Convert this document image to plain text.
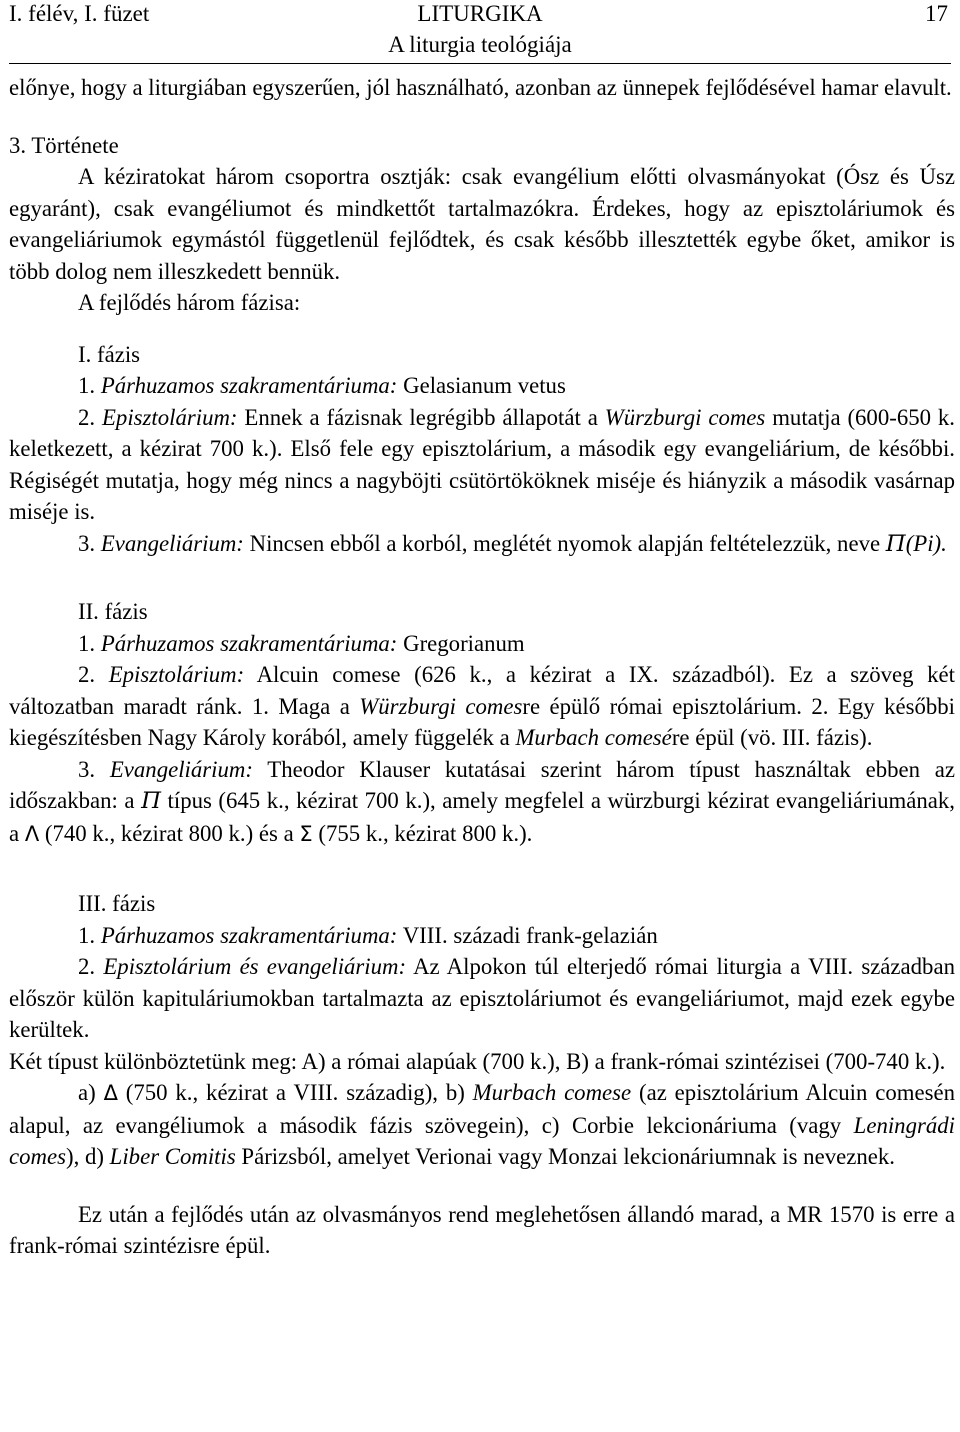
I. félév, I. füzet	LITURGIKA
A liturgia teológiája
17

előnye, hogy a liturgiában egyszerűen, jól használható, azonban az ünnepek fejlődésével hamar elavult.

3. Története

A kéziratokat három csoportra osztják: csak evangélium előtti olvasmányokat (Ósz és Úsz egyaránt), csak evangéliumot és mindkettőt tartalmazókra. Érdekes, hogy az episztoláriumok és evangeliáriumok egymástól függetlenül fejlődtek, és csak később illesztették egybe őket, amikor is több dolog nem illeszkedett bennük.

A fejlődés három fázisa:

I. fázis

1. Párhuzamos szakramentáriuma: Gelasianum vetus

2. Episztolárium: Ennek a fázisnak legrégibb állapotát a Würzburgi comes mutatja (600-650 k. keletkezett, a kézirat 700 k.). Első fele egy episztolárium, a második egy evangeliárium, de későbbi. Régiségét mutatja, hogy még nincs a nagyböjti csütörtököknek miséje és hiányzik a második vasárnap miséje is.

3. Evangeliárium: Nincsen ebből a korból, meglétét nyomok alapján feltételezzük, neve Π(Pi).

II. fázis

1. Párhuzamos szakramentáriuma: Gregorianum

2. Episztolárium: Alcuin comese (626 k., a kézirat a IX. századból). Ez a szöveg két változatban maradt ránk. 1. Maga a Würzburgi comesre épülő római episztolárium. 2. Egy későbbi kiegészítésben Nagy Károly korából, amely függelék a Murbach comesére épül (vö. III. fázis).

3. Evangeliárium: Theodor Klauser kutatásai szerint három típust használtak ebben az időszakban: a Π típus (645 k., kézirat 700 k.), amely megfelel a würzburgi kézirat evangeliáriumának, a Λ (740 k., kézirat 800 k.) és a Σ (755 k., kézirat 800 k.).

III. fázis

1. Párhuzamos szakramentáriuma: VIII. századi frank-gelazián

2. Episztolárium és evangeliárium: Az Alpokon túl elterjedő római liturgia a VIII. században először külön kapituláriumokban tartalmazta az episztoláriumot és evangeliáriumot, majd ezek egybe kerültek.

Két típust különböztetünk meg: A) a római alapúak (700 k.), B) a frank-római szintézisei (700-740 k.).

a) Δ (750 k., kézirat a VIII. századig), b) Murbach comese (az episztolárium Alcuin comesén alapul, az evangéliumok a második fázis szövegein), c) Corbie lekcionáriuma (vagy Leningrádi comes), d) Liber Comitis Párizsból, amelyet Verionai vagy Monzai lekcionáriumnak is neveznek.

Ez után a fejlődés után az olvasmányos rend meglehetősen állandó marad, a MR 1570 is erre a frank-római szintézisre épül.
